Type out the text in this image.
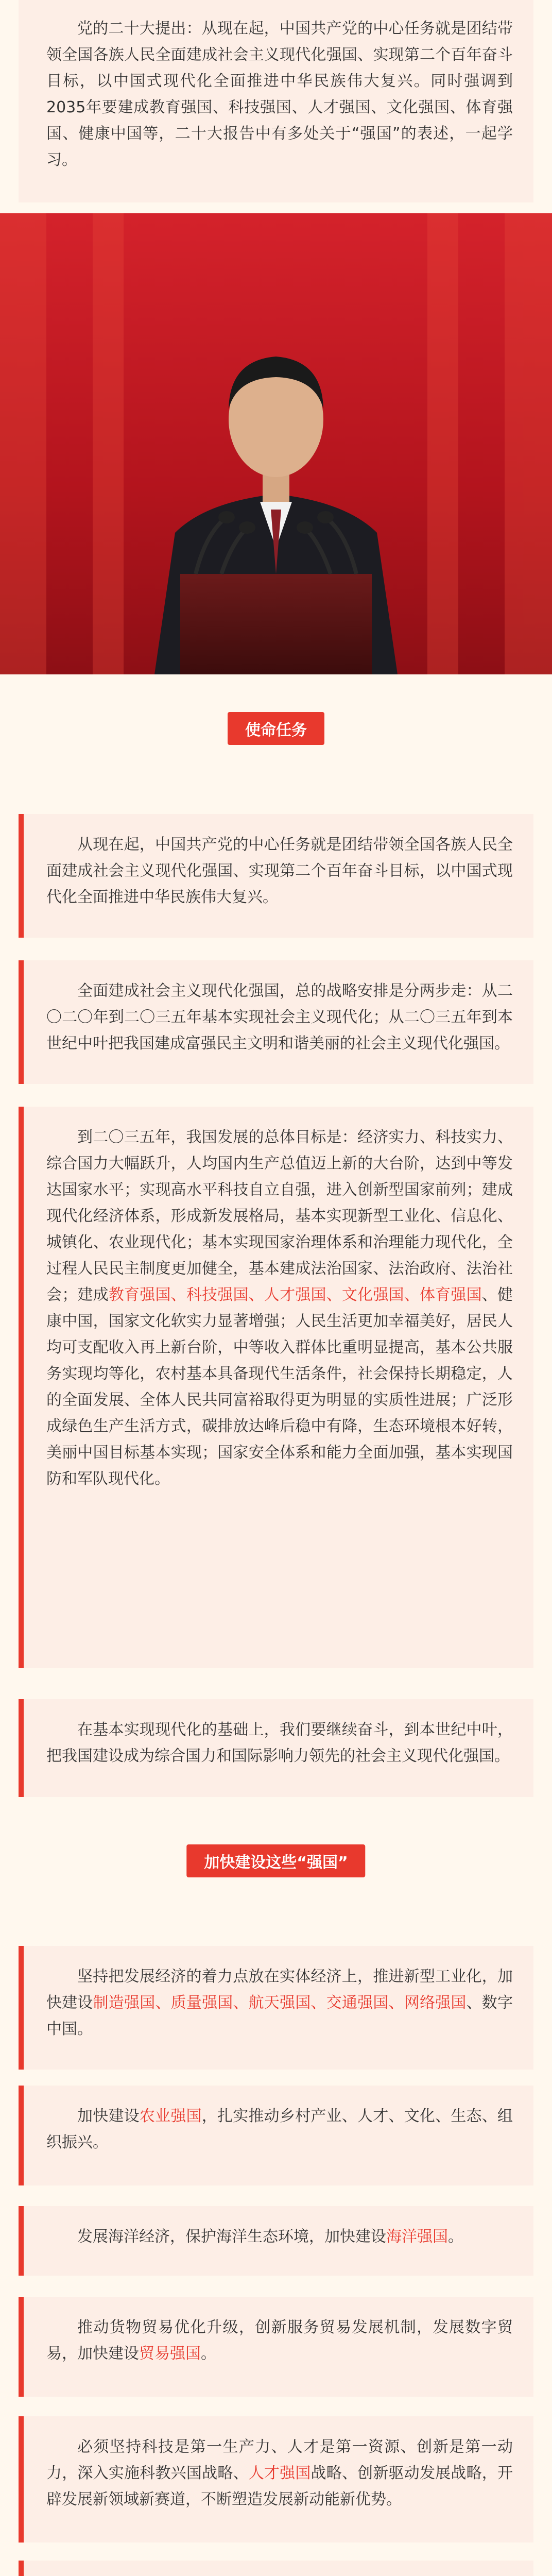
党的二十大提出：从现在起，中国共产党的中心任务就是团结带领全国各族人民全面建成社会主义现代化强国、实现第二个百年奋斗目标，以中国式现代化全面推进中华民族伟大复兴。同时强调到2035年要建成教育强国、科技强国、人才强国、文化强国、体育强国、健康中国等，二十大报告中有多处关于“强国”的表述，一起学习。

使命任务

从现在起，中国共产党的中心任务就是团结带领全国各族人民全面建成社会主义现代化强国、实现第二个百年奋斗目标，以中国式现代化全面推进中华民族伟大复兴。

全面建成社会主义现代化强国，总的战略安排是分两步走：从二〇二〇年到二〇三五年基本实现社会主义现代化；从二〇三五年到本世纪中叶把我国建成富强民主文明和谐美丽的社会主义现代化强国。

到二〇三五年，我国发展的总体目标是：经济实力、科技实力、综合国力大幅跃升，人均国内生产总值迈上新的大台阶，达到中等发达国家水平；实现高水平科技自立自强，进入创新型国家前列；建成现代化经济体系，形成新发展格局，基本实现新型工业化、信息化、城镇化、农业现代化；基本实现国家治理体系和治理能力现代化，全过程人民民主制度更加健全，基本建成法治国家、法治政府、法治社会；建成教育强国、科技强国、人才强国、文化强国、体育强国、健康中国，国家文化软实力显著增强；人民生活更加幸福美好，居民人均可支配收入再上新台阶，中等收入群体比重明显提高，基本公共服务实现均等化，农村基本具备现代生活条件，社会保持长期稳定，人的全面发展、全体人民共同富裕取得更为明显的实质性进展；广泛形成绿色生产生活方式，碳排放达峰后稳中有降，生态环境根本好转，美丽中国目标基本实现；国家安全体系和能力全面加强，基本实现国防和军队现代化。

在基本实现现代化的基础上，我们要继续奋斗，到本世纪中叶，把我国建设成为综合国力和国际影响力领先的社会主义现代化强国。

加快建设这些“强国”

坚持把发展经济的着力点放在实体经济上，推进新型工业化，加快建设制造强国、质量强国、航天强国、交通强国、网络强国、数字中国。

加快建设农业强国，扎实推动乡村产业、人才、文化、生态、组织振兴。

发展海洋经济，保护海洋生态环境，加快建设海洋强国。

推动货物贸易优化升级，创新服务贸易发展机制，发展数字贸易，加快建设贸易强国。

必须坚持科技是第一生产力、人才是第一资源、创新是第一动力，深入实施科教兴国战略、人才强国战略、创新驱动发展战略，开辟发展新领域新赛道，不断塑造发展新动能新优势。
